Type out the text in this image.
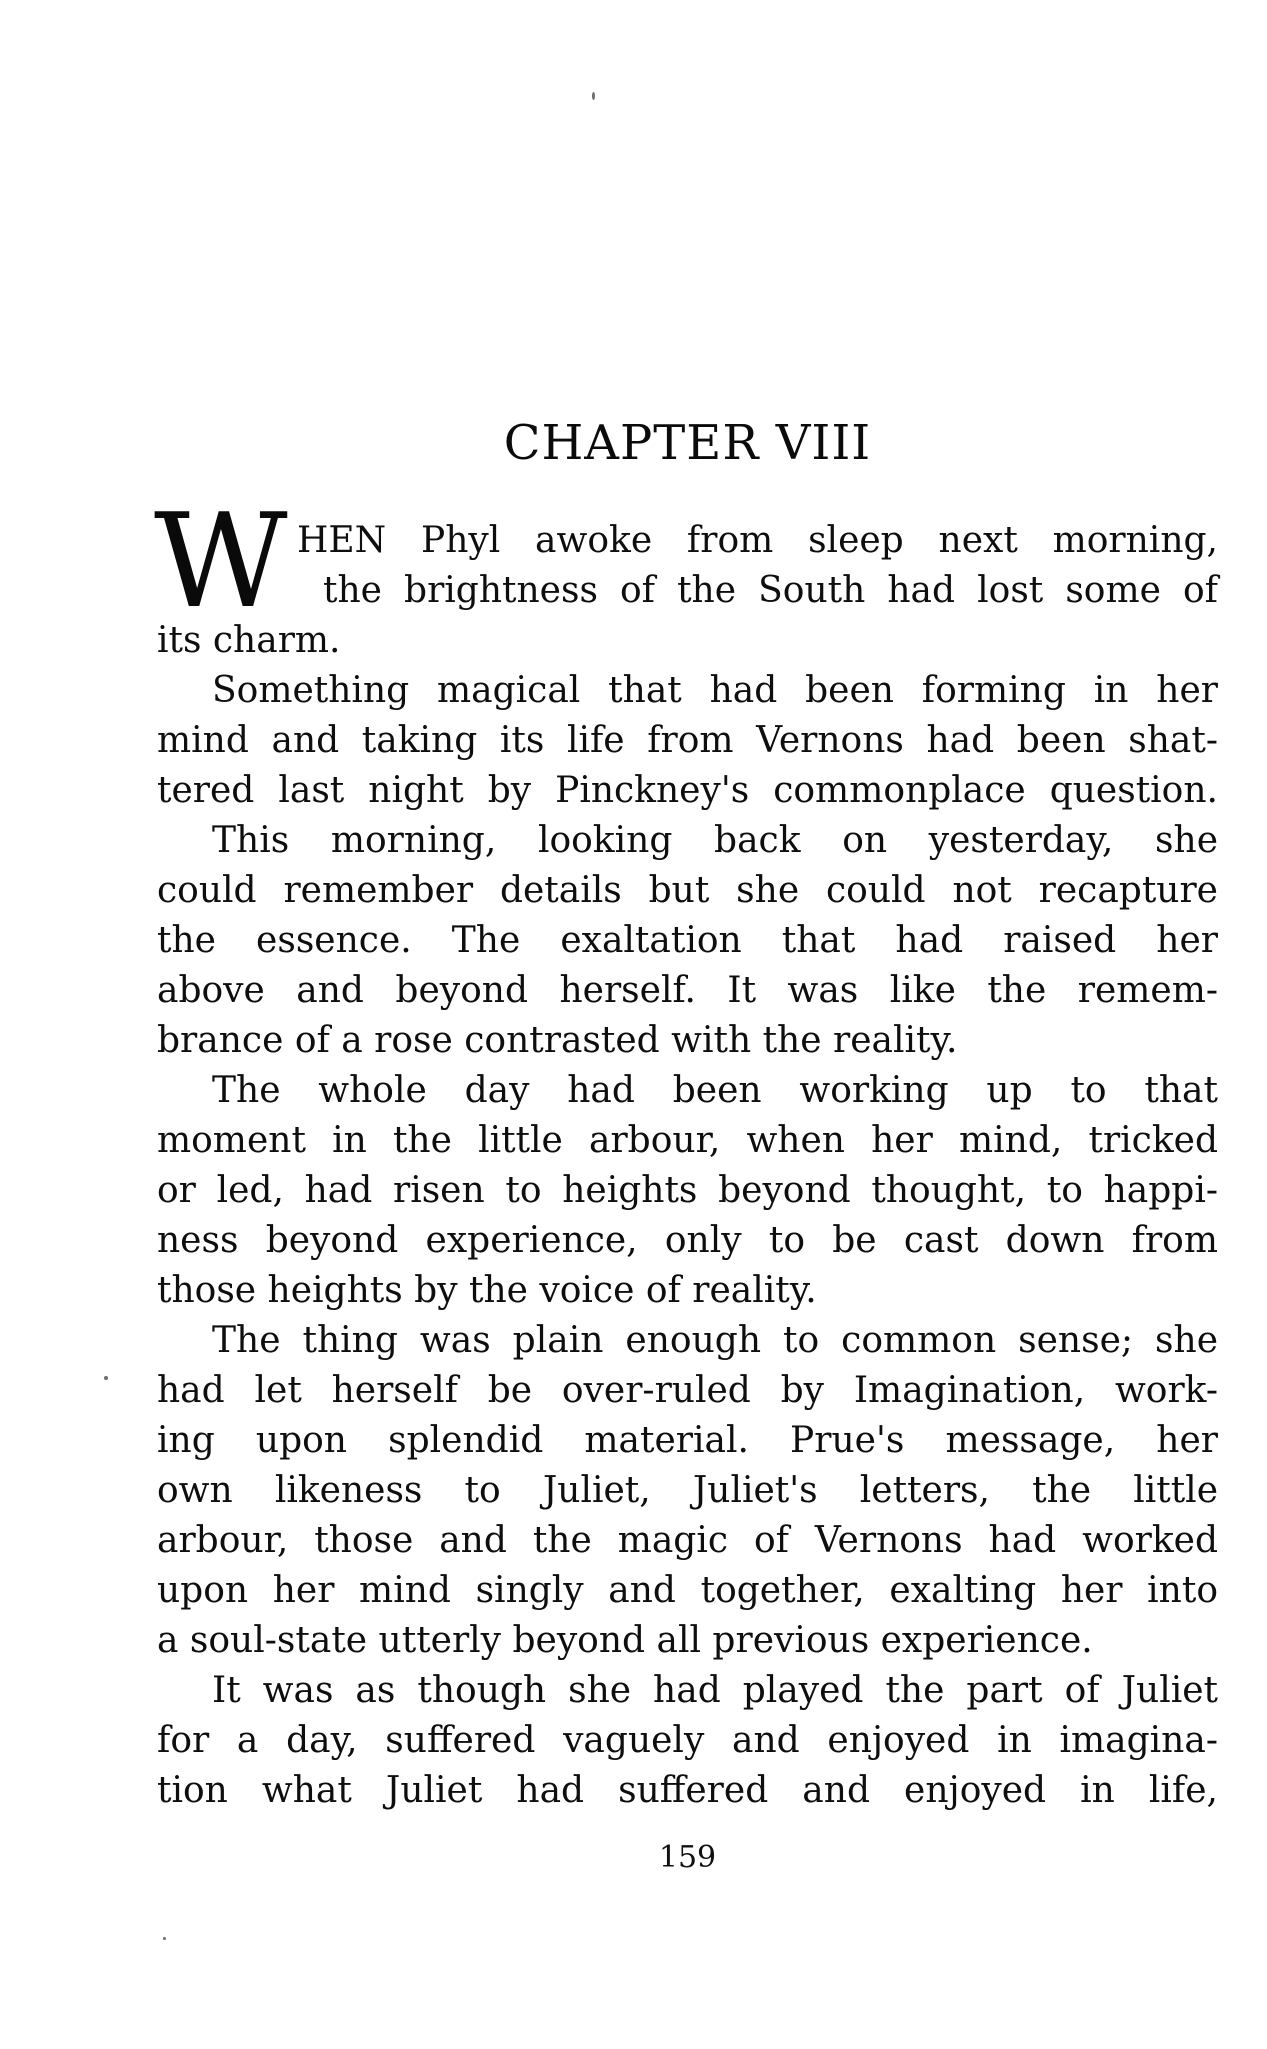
CHAPTER VIII
W HEN Phyl awoke from sleep next morning,
the brightness of the South had lost some of
its charm.
Something magical that had been forming in her
mind and taking its life from Vernons had been shat-
tered last night by Pinckney's commonplace question.
This morning, looking back on yesterday, she
could remember details but she could not recapture
the essence. The exaltation that had raised her
above and beyond herself. It was like the remem-
brance of a rose contrasted with the reality.
The whole day had been working up to that
moment in the little arbour, when her mind, tricked
or led, had risen to heights beyond thought, to happi-
ness beyond experience, only to be cast down from
those heights by the voice of reality.
The thing was plain enough to common sense; she
had let herself be over-ruled by Imagination, work-
ing upon splendid material. Prue's message, her
own likeness to Juliet, Juliet's letters, the little
arbour, those and the magic of Vernons had worked
upon her mind singly and together, exalting her into
a soul-state utterly beyond all previous experience.
It was as though she had played the part of Juliet
for a day, suffered vaguely and enjoyed in imagina-
tion what Juliet had suffered and enjoyed in life,
159
